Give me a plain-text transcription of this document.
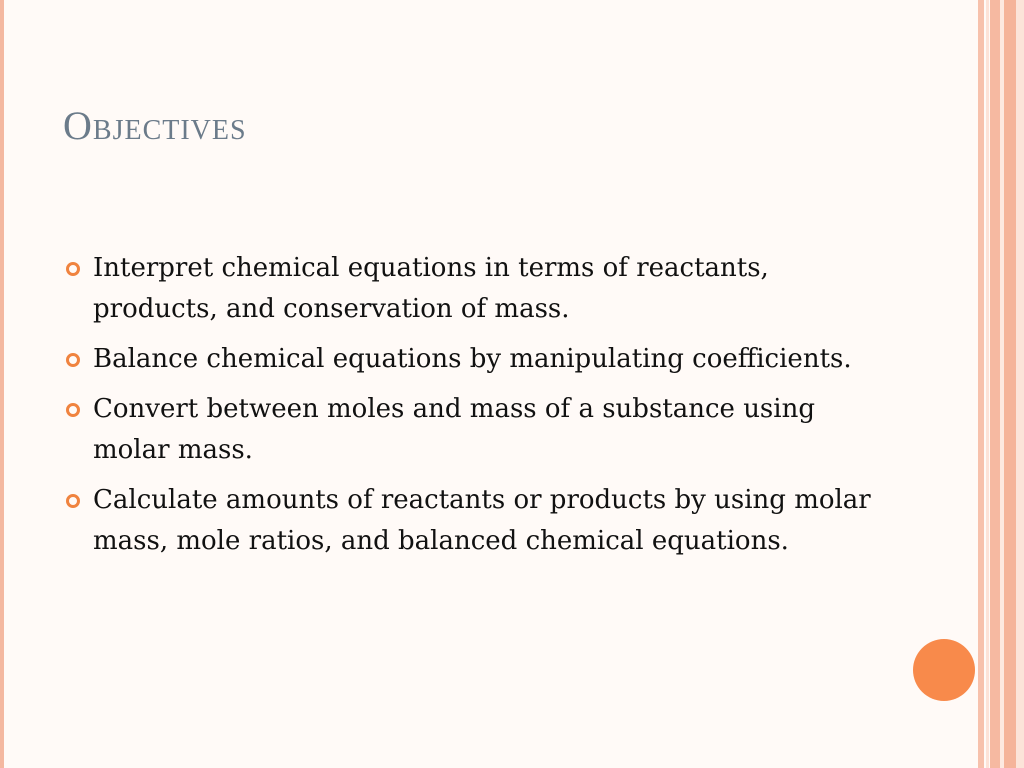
Objectives
Interpret chemical equations in terms of reactants, products, and conservation of mass.
Balance chemical equations by manipulating coefficients.
Convert between moles and mass of a substance using molar mass.
Calculate amounts of reactants or products by using molar mass, mole ratios, and balanced chemical equations.
